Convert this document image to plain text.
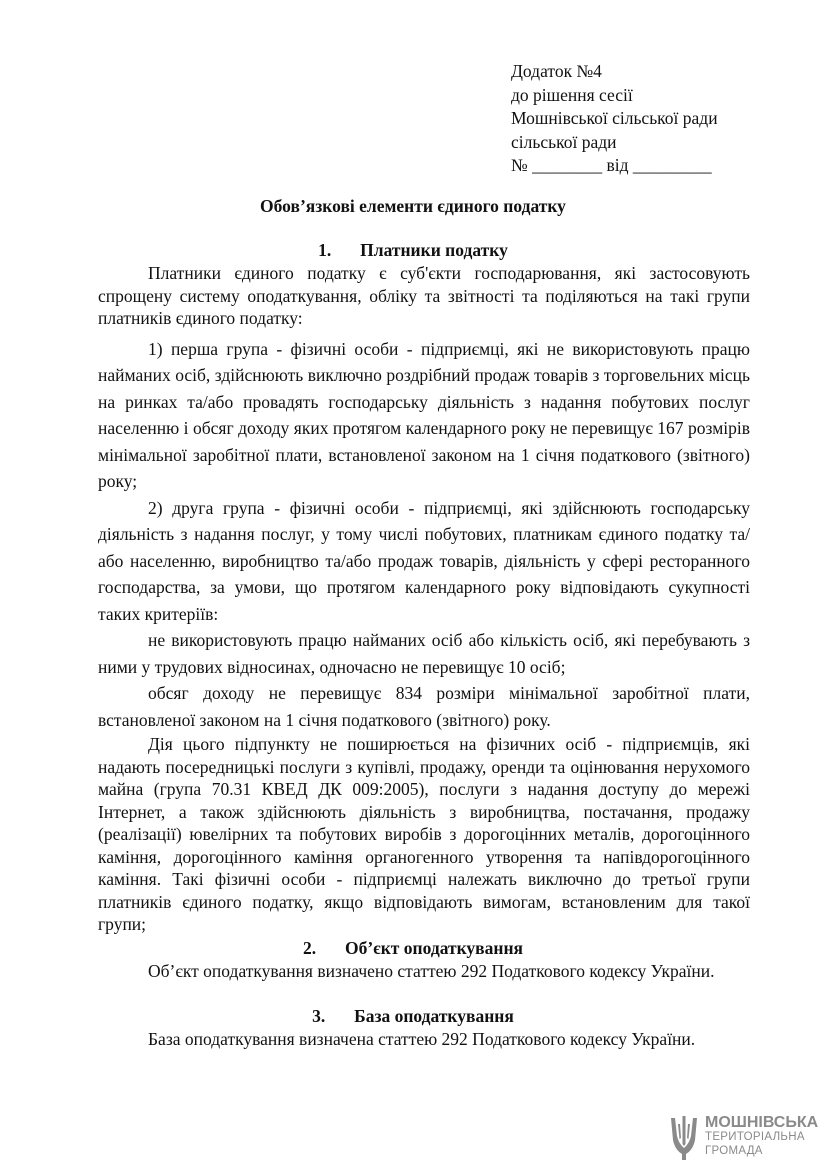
Додаток №4
до рішення сесії
Мошнівської сільської ради
сільської ради
№ ________ від _________
Обов’язкові елементи єдиного податку
1. Платники податку

Платники єдиного податку є суб'єкти господарювання, які застосовують спрощену систему оподаткування, обліку та звітності та поділяються на такі групи платників єдиного податку:

1) перша група - фізичні особи - підприємці, які не використовують працю найманих осіб, здійснюють виключно роздрібний продаж товарів з торговельних місць на ринках та/або провадять господарську діяльність з надання побутових послуг населенню і обсяг доходу яких протягом календарного року не перевищує 167 розмірів мінімальної заробітної плати, встановленої законом на 1 січня податкового (звітного) року;

2) друга група - фізичні особи - підприємці, які здійснюють господарську діяльність з надання послуг, у тому числі побутових, платникам єдиного податку та/або населенню, виробництво та/або продаж товарів, діяльність у сфері ресторанного господарства, за умови, що протягом календарного року відповідають сукупності таких критеріїв:

не використовують працю найманих осіб або кількість осіб, які перебувають з ними у трудових відносинах, одночасно не перевищує 10 осіб;

обсяг доходу не перевищує 834 розміри мінімальної заробітної плати, встановленої законом на 1 січня податкового (звітного) року.

Дія цього підпункту не поширюється на фізичних осіб - підприємців, які надають посередницькі послуги з купівлі, продажу, оренди та оцінювання нерухомого майна (група 70.31 КВЕД ДК 009:2005), послуги з надання доступу до мережі Інтернет, а також здійснюють діяльність з виробництва, постачання, продажу (реалізації) ювелірних та побутових виробів з дорогоцінних металів, дорогоцінного каміння, дорогоцінного каміння органогенного утворення та напівдорогоцінного каміння. Такі фізичні особи - підприємці належать виключно до третьої групи платників єдиного податку, якщо відповідають вимогам, встановленим для такої групи;

2. Об’єкт оподаткування

Об’єкт оподаткування визначено статтею 292 Податкового кодексу України.

3. База оподаткування

База оподаткування визначена статтею 292 Податкового кодексу України.

МОШНІВСЬКА
ТЕРИТОРІАЛЬНА
ГРОМАДА
